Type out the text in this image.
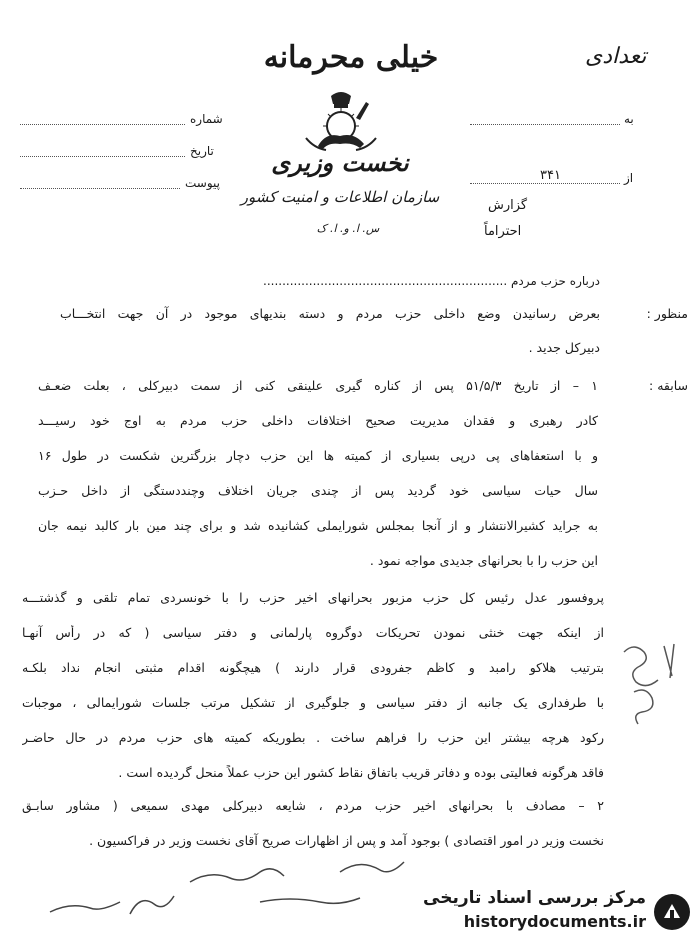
تعدادی
خیلی محرمانه
نخست وزیری
سازمان اطلاعات و امنیت کشور
س. ا. و. ا. ک
شماره
تاریخ
پیوست
به
از
۳۴۱
گزارش
احتراماً
درباره حزب مردم ................................................................
منظور :
بعرض رسانیدن وضع داخلی حزب مردم و دسته بندیهای موجود در آن جهت انتخـــاب
دبیرکل جدید .
سابقه :
۱ – از تاریخ ۵۱/۵/۳ پس از کناره گیری علینقی کنی از سمت دبیرکلی ، بعلت ضعـف
کادر رهبری و فقدان مدیریت صحیح اختلافات داخلی حزب مردم به اوج خود رسیـــد
و با استعفاهای پی درپی بسیاری از کمیته ها این حزب دچار بزرگترین شکست در طول ۱۶
سال حیات سیاسی خود گردید پس از چندی جریان اختلاف وچنددستگی از داخل حـزب
به جراید کشیرالانتشار و از آنجا بمجلس شورایملی کشانیده شد و برای چند مین بار کالبد نیمه جان
این حزب را با بحرانهای جدیدی مواجه نمود .
پروفسور عدل رئیس کل حزب مزبور بحرانهای اخیر حزب را با خونسردی تمام تلقی و گذشتـــه
از اینکه جهت خنثی نمودن تحریکات دوگروه پارلمانی و دفتر سیاسی ( که در رأس آنهـا
بترتیب هلاکو رامبد و کاظم جفرودی قرار دارند ) هیچگونه اقدام مثبتی انجام نداد بلکـه
با طرفداری یک جانبه از دفتر سیاسی و جلوگیری از تشکیل مرتب جلسات شورایمالی ، موجبات
رکود هرچه بیشتر این حزب را فراهم ساخت . بطوریکه کمیته های حزب مردم در حال حاضـر
فاقد هرگونه فعالیتی بوده و دفاتر قریب باتفاق نقاط کشور این حزب عملاً منحل گردیده است .
۲ – مصادف با بحرانهای اخیر حزب مردم ، شایعه دبیرکلی مهدی سمیعی ( مشاور سابـق
نخست وزیر در امور اقتصادی ) بوجود آمد و پس از اظهارات صریح آقای نخست وزیر در فراکسیون .
مرکز بررسی اسناد تاریخی
historydocuments.ir
